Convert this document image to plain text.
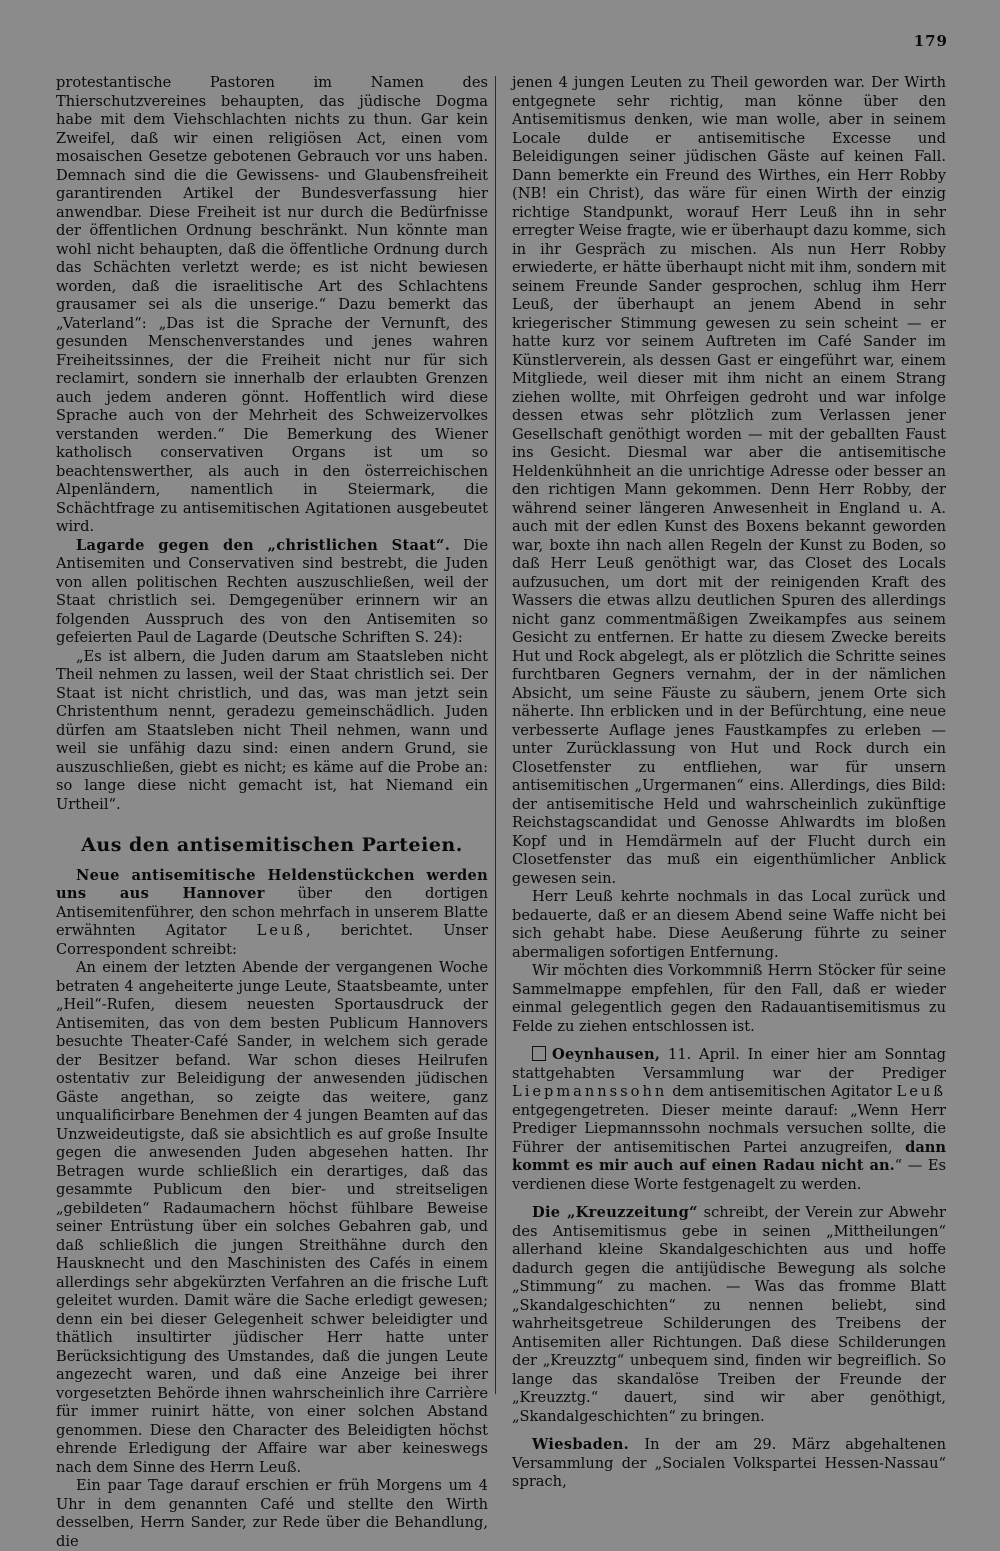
179

protestantische Pastoren im Namen des Thierschutzvereines behaupten, das jüdische Dogma habe mit dem Viehschlachten nichts zu thun. Gar kein Zweifel, daß wir einen religiösen Act, einen vom mosaischen Gesetze gebotenen Gebrauch vor uns haben. Demnach sind die die Gewissens- und Glaubensfreiheit garantirenden Artikel der Bundesverfassung hier anwendbar. Diese Freiheit ist nur durch die Bedürfnisse der öffentlichen Ordnung beschränkt. Nun könnte man wohl nicht behaupten, daß die öffentliche Ordnung durch das Schächten verletzt werde; es ist nicht bewiesen worden, daß die israelitische Art des Schlachtens grausamer sei als die unserige.“ Dazu bemerkt das „Vaterland“: „Das ist die Sprache der Vernunft, des gesunden Menschenverstandes und jenes wahren Freiheitssinnes, der die Freiheit nicht nur für sich reclamirt, sondern sie innerhalb der erlaubten Grenzen auch jedem anderen gönnt. Hoffentlich wird diese Sprache auch von der Mehrheit des Schweizervolkes verstanden werden.“ Die Bemerkung des Wiener katholisch conservativen Organs ist um so beachtenswerther, als auch in den österreichischen Alpenländern, namentlich in Steiermark, die Schächtfrage zu antisemitischen Agitationen ausgebeutet wird.

Lagarde gegen den „christlichen Staat“. Die Antisemiten und Conservativen sind bestrebt, die Juden von allen politischen Rechten auszuschließen, weil der Staat christlich sei. Demgegenüber erinnern wir an folgenden Ausspruch des von den Antisemiten so gefeierten Paul de Lagarde (Deutsche Schriften S. 24):

„Es ist albern, die Juden darum am Staatsleben nicht Theil nehmen zu lassen, weil der Staat christlich sei. Der Staat ist nicht christlich, und das, was man jetzt sein Christenthum nennt, geradezu gemeinschädlich. Juden dürfen am Staatsleben nicht Theil nehmen, wann und weil sie unfähig dazu sind: einen andern Grund, sie auszuschließen, giebt es nicht; es käme auf die Probe an: so lange diese nicht gemacht ist, hat Niemand ein Urtheil“.

Aus den antisemitischen Parteien.

Neue antisemitische Heldenstückchen werden uns aus Hannover über den dortigen Antisemitenführer, den schon mehrfach in unserem Blatte erwähnten Agitator Leuß, berichtet. Unser Correspondent schreibt:

An einem der letzten Abende der vergangenen Woche betraten 4 angeheiterte junge Leute, Staatsbeamte, unter „Heil“-Rufen, diesem neuesten Sportausdruck der Antisemiten, das von dem besten Publicum Hannovers besuchte Theater-Café Sander, in welchem sich gerade der Besitzer befand. War schon dieses Heilrufen ostentativ zur Beleidigung der anwesenden jüdischen Gäste angethan, so zeigte das weitere, ganz unqualificirbare Benehmen der 4 jungen Beamten auf das Unzweideutigste, daß sie absichtlich es auf große Insulte gegen die anwesenden Juden abgesehen hatten. Ihr Betragen wurde schließlich ein derartiges, daß das gesammte Publicum den bier- und streitseligen „gebildeten“ Radaumachern höchst fühlbare Beweise seiner Entrüstung über ein solches Gebahren gab, und daß schließlich die jungen Streithähne durch den Hausknecht und den Maschinisten des Cafés in einem allerdings sehr abgekürzten Verfahren an die frische Luft geleitet wurden. Damit wäre die Sache erledigt gewesen; denn ein bei dieser Gelegenheit schwer beleidigter und thätlich insultirter jüdischer Herr hatte unter Berücksichtigung des Umstandes, daß die jungen Leute angezecht waren, und daß eine Anzeige bei ihrer vorgesetzten Behörde ihnen wahrscheinlich ihre Carrière für immer ruinirt hätte, von einer solchen Abstand genommen. Diese den Character des Beleidigten höchst ehrende Erledigung der Affaire war aber keineswegs nach dem Sinne des Herrn Leuß.

Ein paar Tage darauf erschien er früh Morgens um 4 Uhr in dem genannten Café und stellte den Wirth desselben, Herrn Sander, zur Rede über die Behandlung, die

jenen 4 jungen Leuten zu Theil geworden war. Der Wirth entgegnete sehr richtig, man könne über den Antisemitismus denken, wie man wolle, aber in seinem Locale dulde er antisemitische Excesse und Beleidigungen seiner jüdischen Gäste auf keinen Fall. Dann bemerkte ein Freund des Wirthes, ein Herr Robby (NB! ein Christ), das wäre für einen Wirth der einzig richtige Standpunkt, worauf Herr Leuß ihn in sehr erregter Weise fragte, wie er überhaupt dazu komme, sich in ihr Gespräch zu mischen. Als nun Herr Robby erwiederte, er hätte überhaupt nicht mit ihm, sondern mit seinem Freunde Sander gesprochen, schlug ihm Herr Leuß, der überhaupt an jenem Abend in sehr kriegerischer Stimmung gewesen zu sein scheint — er hatte kurz vor seinem Auftreten im Café Sander im Künstlerverein, als dessen Gast er eingeführt war, einem Mitgliede, weil dieser mit ihm nicht an einem Strang ziehen wollte, mit Ohrfeigen gedroht und war infolge dessen etwas sehr plötzlich zum Verlassen jener Gesellschaft genöthigt worden — mit der geballten Faust ins Gesicht. Diesmal war aber die antisemitische Heldenkühnheit an die unrichtige Adresse oder besser an den richtigen Mann gekommen. Denn Herr Robby, der während seiner längeren Anwesenheit in England u. A. auch mit der edlen Kunst des Boxens bekannt geworden war, boxte ihn nach allen Regeln der Kunst zu Boden, so daß Herr Leuß genöthigt war, das Closet des Locals aufzusuchen, um dort mit der reinigenden Kraft des Wassers die etwas allzu deutlichen Spuren des allerdings nicht ganz commentmäßigen Zweikampfes aus seinem Gesicht zu entfernen. Er hatte zu diesem Zwecke bereits Hut und Rock abgelegt, als er plötzlich die Schritte seines furchtbaren Gegners vernahm, der in der nämlichen Absicht, um seine Fäuste zu säubern, jenem Orte sich näherte. Ihn erblicken und in der Befürchtung, eine neue verbesserte Auflage jenes Faustkampfes zu erleben — unter Zurücklassung von Hut und Rock durch ein Closetfenster zu entfliehen, war für unsern antisemitischen „Urgermanen“ eins. Allerdings, dies Bild: der antisemitische Held und wahrscheinlich zukünftige Reichstagscandidat und Genosse Ahlwardts im bloßen Kopf und in Hemdärmeln auf der Flucht durch ein Closetfenster das muß ein eigenthümlicher Anblick gewesen sein.

Herr Leuß kehrte nochmals in das Local zurück und bedauerte, daß er an diesem Abend seine Waffe nicht bei sich gehabt habe. Diese Aeußerung führte zu seiner abermaligen sofortigen Entfernung.

Wir möchten dies Vorkommniß Herrn Stöcker für seine Sammelmappe empfehlen, für den Fall, daß er wieder einmal gelegentlich gegen den Radauantisemitismus zu Felde zu ziehen entschlossen ist.

Oeynhausen, 11. April. In einer hier am Sonntag stattgehabten Versammlung war der Prediger Liepmannssohn dem antisemitischen Agitator Leuß entgegengetreten. Dieser meinte darauf: „Wenn Herr Prediger Liepmannssohn nochmals versuchen sollte, die Führer der antisemitischen Partei anzugreifen, dann kommt es mir auch auf einen Radau nicht an.“ — Es verdienen diese Worte festgenagelt zu werden.

Die „Kreuzzeitung“ schreibt, der Verein zur Abwehr des Antisemitismus gebe in seinen „Mittheilungen“ allerhand kleine Skandalgeschichten aus und hoffe dadurch gegen die antijüdische Bewegung als solche „Stimmung“ zu machen. — Was das fromme Blatt „Skandalgeschichten“ zu nennen beliebt, sind wahrheitsgetreue Schilderungen des Treibens der Antisemiten aller Richtungen. Daß diese Schilderungen der „Kreuzztg“ unbequem sind, finden wir begreiflich. So lange das skandalöse Treiben der Freunde der „Kreuzztg.“ dauert, sind wir aber genöthigt, „Skandalgeschichten“ zu bringen.

Wiesbaden. In der am 29. März abgehaltenen Versammlung der „Socialen Volkspartei Hessen-Nassau“ sprach,
